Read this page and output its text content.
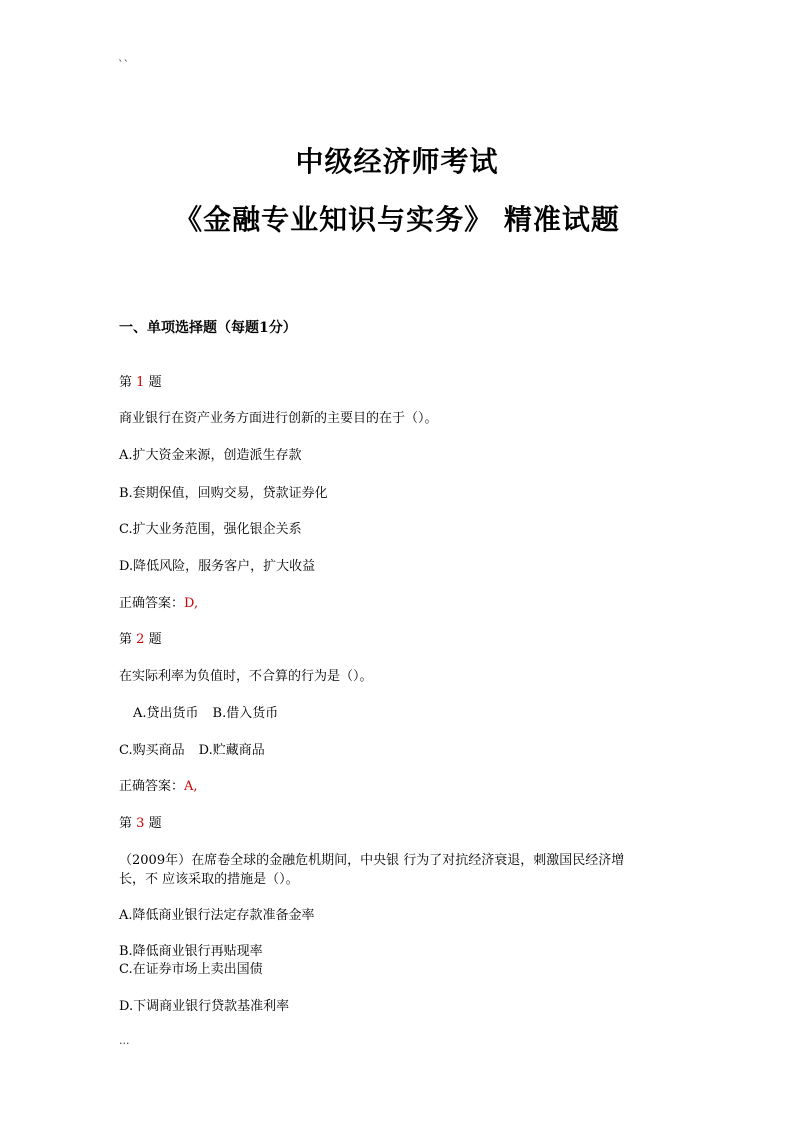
``
中级经济师考试
《金融专业知识与实务》 精准试题
一、单项选择题（每题1分）
第 1 题
商业银行在资产业务方面进行创新的主要目的在于（）。
A.扩大资金来源，创造派生存款
B.套期保值，回购交易，贷款证券化
C.扩大业务范围，强化银企关系
D.降低风险，服务客户，扩大收益
正确答案：D,
第 2 题
在实际利率为负值时，不合算的行为是（）。
A.贷出货币 B.借入货币
C.购买商品 D.贮藏商品
正确答案：A,
第 3 题
（2009年）在席卷全球的金融危机期间，中央银 行为了对抗经济衰退，刺激国民经济增
长，不 应该采取的措施是（）。
A.降低商业银行法定存款准备金率
B.降低商业银行再贴现率
C.在证券市场上卖出国债
D.下调商业银行贷款基准利率
...
